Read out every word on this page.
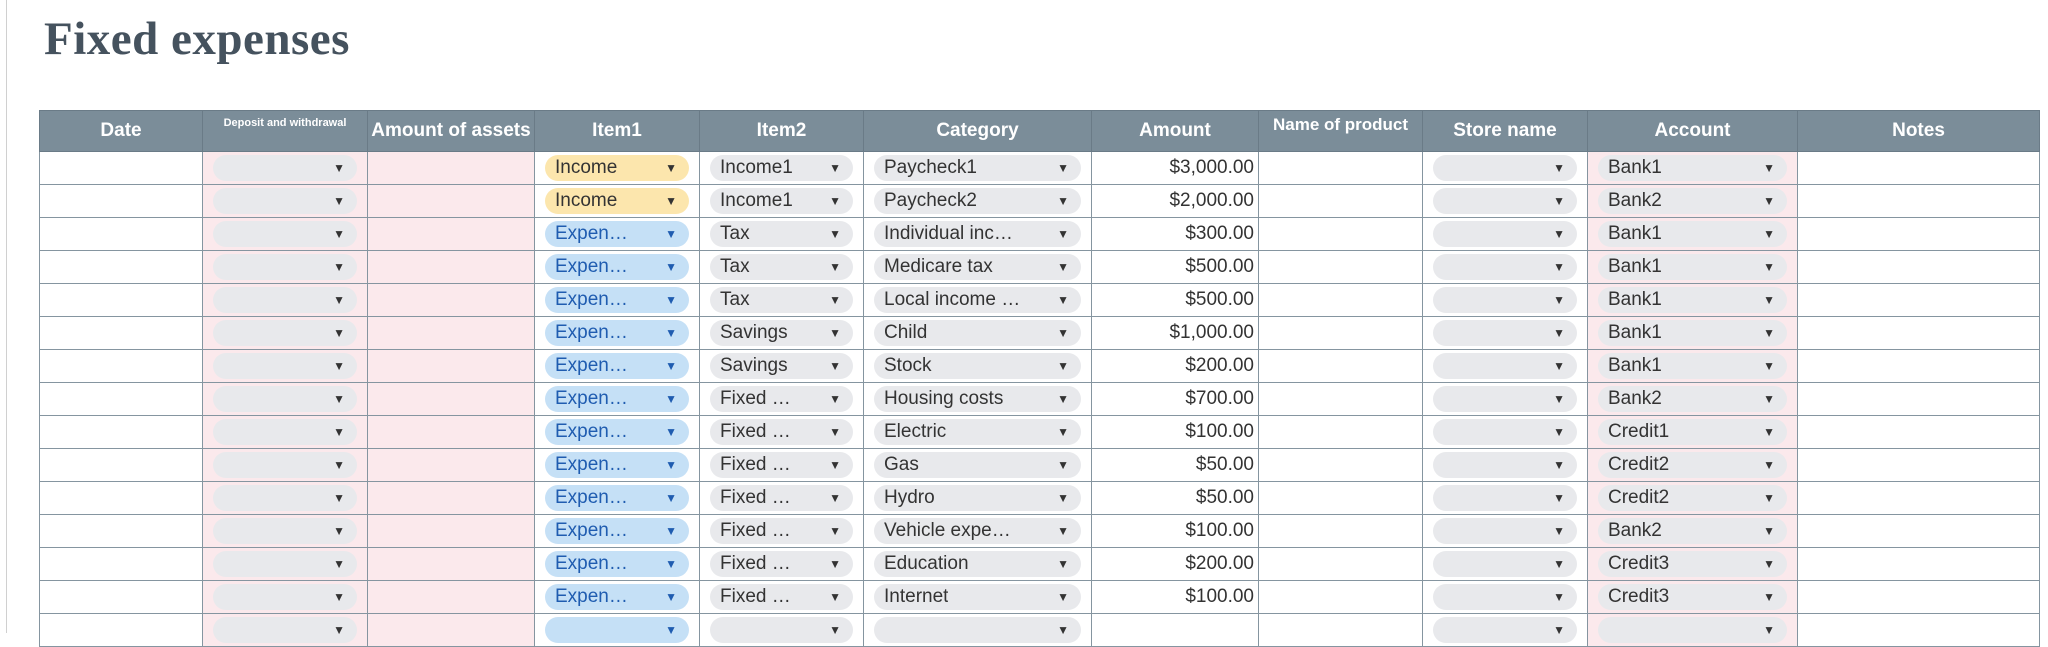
Fixed expenses
Date	Deposit and withdrawal	Amount of assets	Item1	Item2	Category	Amount	Name of product	Store name	Account	Notes

	▼		Income ▼	Income1 ▼	Paycheck1 ▼	$3,000.00		▼	Bank1 ▼	

	▼		Income ▼	Income1 ▼	Paycheck2 ▼	$2,000.00		▼	Bank2 ▼	

	▼		Expen… ▼	Tax ▼	Individual inc… ▼	$300.00		▼	Bank1 ▼	

	▼		Expen… ▼	Tax ▼	Medicare tax ▼	$500.00		▼	Bank1 ▼	

	▼		Expen… ▼	Tax ▼	Local income … ▼	$500.00		▼	Bank1 ▼	

	▼		Expen… ▼	Savings ▼	Child ▼	$1,000.00		▼	Bank1 ▼	

	▼		Expen… ▼	Savings ▼	Stock ▼	$200.00		▼	Bank1 ▼	

	▼		Expen… ▼	Fixed … ▼	Housing costs ▼	$700.00		▼	Bank2 ▼	

	▼		Expen… ▼	Fixed … ▼	Electric ▼	$100.00		▼	Credit1 ▼	

	▼		Expen… ▼	Fixed … ▼	Gas ▼	$50.00		▼	Credit2 ▼	

	▼		Expen… ▼	Fixed … ▼	Hydro ▼	$50.00		▼	Credit2 ▼	

	▼		Expen… ▼	Fixed … ▼	Vehicle expe… ▼	$100.00		▼	Bank2 ▼	

	▼		Expen… ▼	Fixed … ▼	Education ▼	$200.00		▼	Credit3 ▼	

	▼		Expen… ▼	Fixed … ▼	Internet ▼	$100.00		▼	Credit3 ▼	

	▼		▼	▼	▼			▼	▼	
